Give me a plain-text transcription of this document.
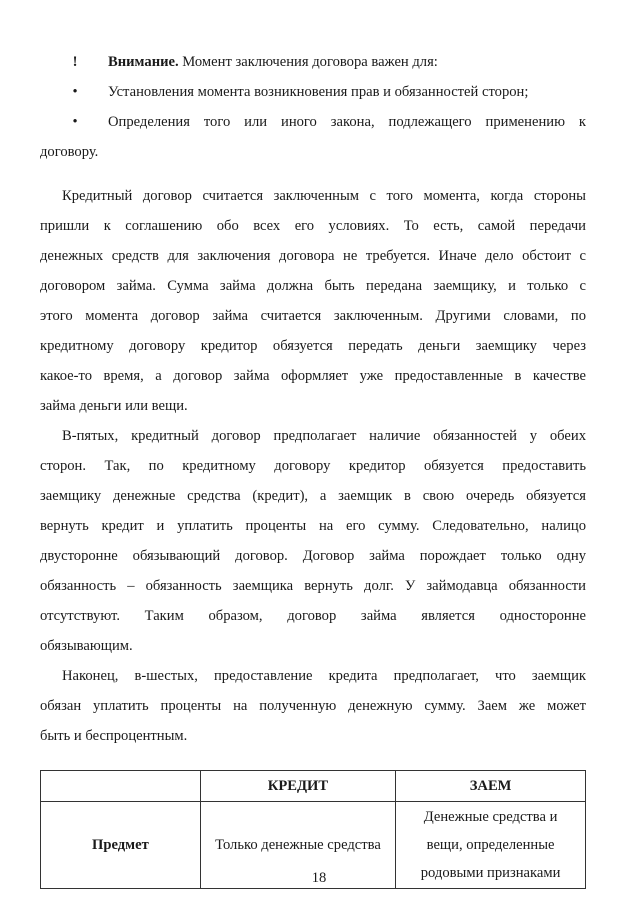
!	Внимание. Момент заключения договора важен для:
•	Установления момента возникновения прав и обязанностей сторон;
•	Определения того или иного закона, подлежащего применению к
договору.
Кредитный договор считается заключенным с того момента, когда стороны
пришли к соглашению обо всех его условиях. То есть, самой передачи
денежных средств для заключения договора не требуется. Иначе дело обстоит с
договором займа. Сумма займа должна быть передана заемщику, и только с
этого момента договор займа считается заключенным. Другими словами, по
кредитному договору кредитор обязуется передать деньги заемщику через
какое-то время, а договор займа оформляет уже предоставленные в качестве
займа деньги или вещи.
В-пятых, кредитный договор предполагает наличие обязанностей у обеих
сторон. Так, по кредитному договору кредитор обязуется предоставить
заемщику денежные средства (кредит), а заемщик в свою очередь обязуется
вернуть кредит и уплатить проценты на его сумму. Следовательно, налицо
двусторонне обязывающий договор. Договор займа порождает только одну
обязанность – обязанность заемщика вернуть долг. У займодавца обязанности
отсутствуют. Таким образом, договор займа является односторонне
обязывающим.
Наконец, в-шестых, предоставление кредита предполагает, что заемщик
обязан уплатить проценты на полученную денежную сумму. Заем же может
быть и беспроцентным.
	КРЕДИТ	ЗАЕМ
Предмет	Только денежные средства	Денежные средства и
вещи, определенные
родовыми признаками
18
